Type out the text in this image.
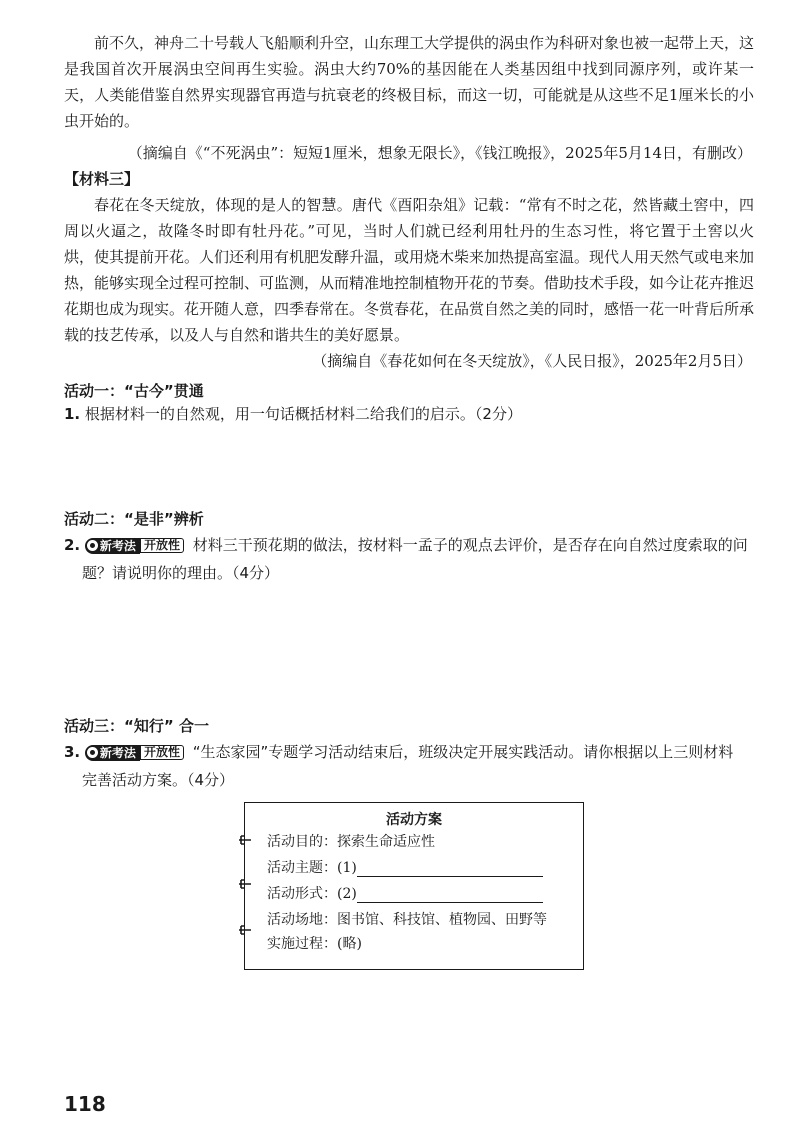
前不久，神舟二十号载人飞船顺利升空，山东理工大学提供的涡虫作为科研对象也被一起带上天，这是我国首次开展涡虫空间再生实验。涡虫大约70%的基因能在人类基因组中找到同源序列，或许某一天，人类能借鉴自然界实现器官再造与抗衰老的终极目标，而这一切，可能就是从这些不足1厘米长的小虫开始的。

（摘编自《“不死涡虫”：短短1厘米，想象无限长》，《钱江晚报》，2025年5月14日，有删改）

【材料三】

春花在冬天绽放，体现的是人的智慧。唐代《酉阳杂俎》记载：“常有不时之花，然皆藏土窖中，四周以火逼之，故隆冬时即有牡丹花。”可见，当时人们就已经利用牡丹的生态习性，将它置于土窖以火烘，使其提前开花。人们还利用有机肥发酵升温，或用烧木柴来加热提高室温。现代人用天然气或电来加热，能够实现全过程可控制、可监测，从而精准地控制植物开花的节奏。借助技术手段，如今让花卉推迟花期也成为现实。花开随人意，四季春常在。冬赏春花，在品赏自然之美的同时，感悟一花一叶背后所承载的技艺传承，以及人与自然和谐共生的美好愿景。

（摘编自《春花如何在冬天绽放》，《人民日报》，2025年2月5日）

活动一：“古今”贯通

1. 根据材料一的自然观，用一句话概括材料二给我们的启示。（2分）

活动二：“是非”辨析

2. 新考法 开放性 材料三干预花期的做法，按材料一孟子的观点去评价，是否存在向自然过度索取的问
题？请说明你的理由。（4分）

活动三：“知行” 合一

3. 新考法 开放性 “生态家园”专题学习活动结束后，班级决定开展实践活动。请你根据以上三则材料
完善活动方案。（4分）

活动方案
活动目的：探索生命适应性
活动主题：(1)
活动形式：(2)
活动场地：图书馆、科技馆、植物园、田野等
实施过程：(略)
118
